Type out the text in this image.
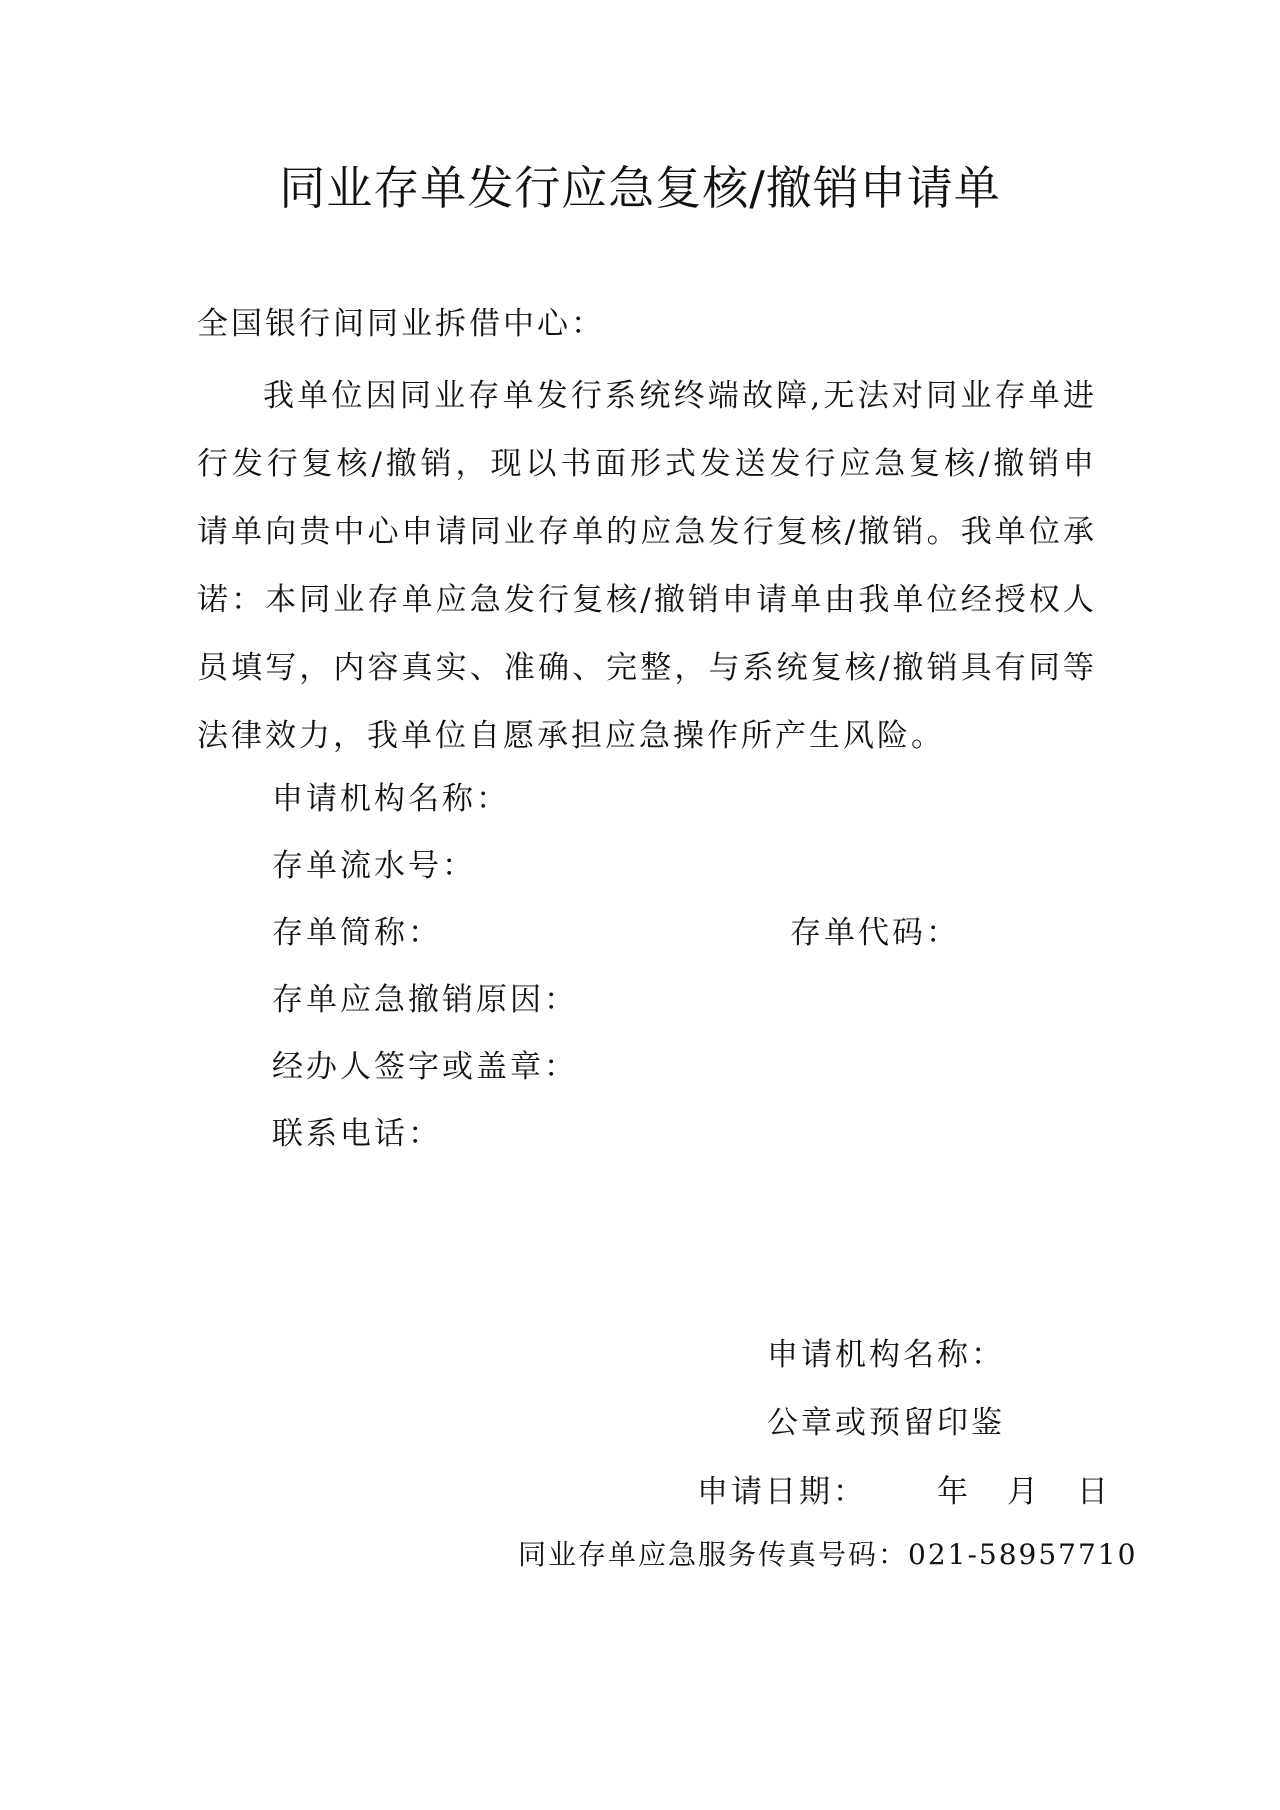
同业存单发行应急复核/撤销申请单
全国银行间同业拆借中心：
我单位因同业存单发行系统终端故障,无法对同业存单进行发行复核/撤销，现以书面形式发送发行应急复核/撤销申请单向贵中心申请同业存单的应急发行复核/撤销。我单位承诺：本同业存单应急发行复核/撤销申请单由我单位经授权人员填写，内容真实、准确、完整，与系统复核/撤销具有同等法律效力，我单位自愿承担应急操作所产生风险。
申请机构名称：
存单流水号：
存单简称：	存单代码：
存单应急撤销原因：
经办人签字或盖章：
联系电话：
申请机构名称：
公章或预留印鉴
申请日期： 年 月 日
同业存单应急服务传真号码：021-58957710
